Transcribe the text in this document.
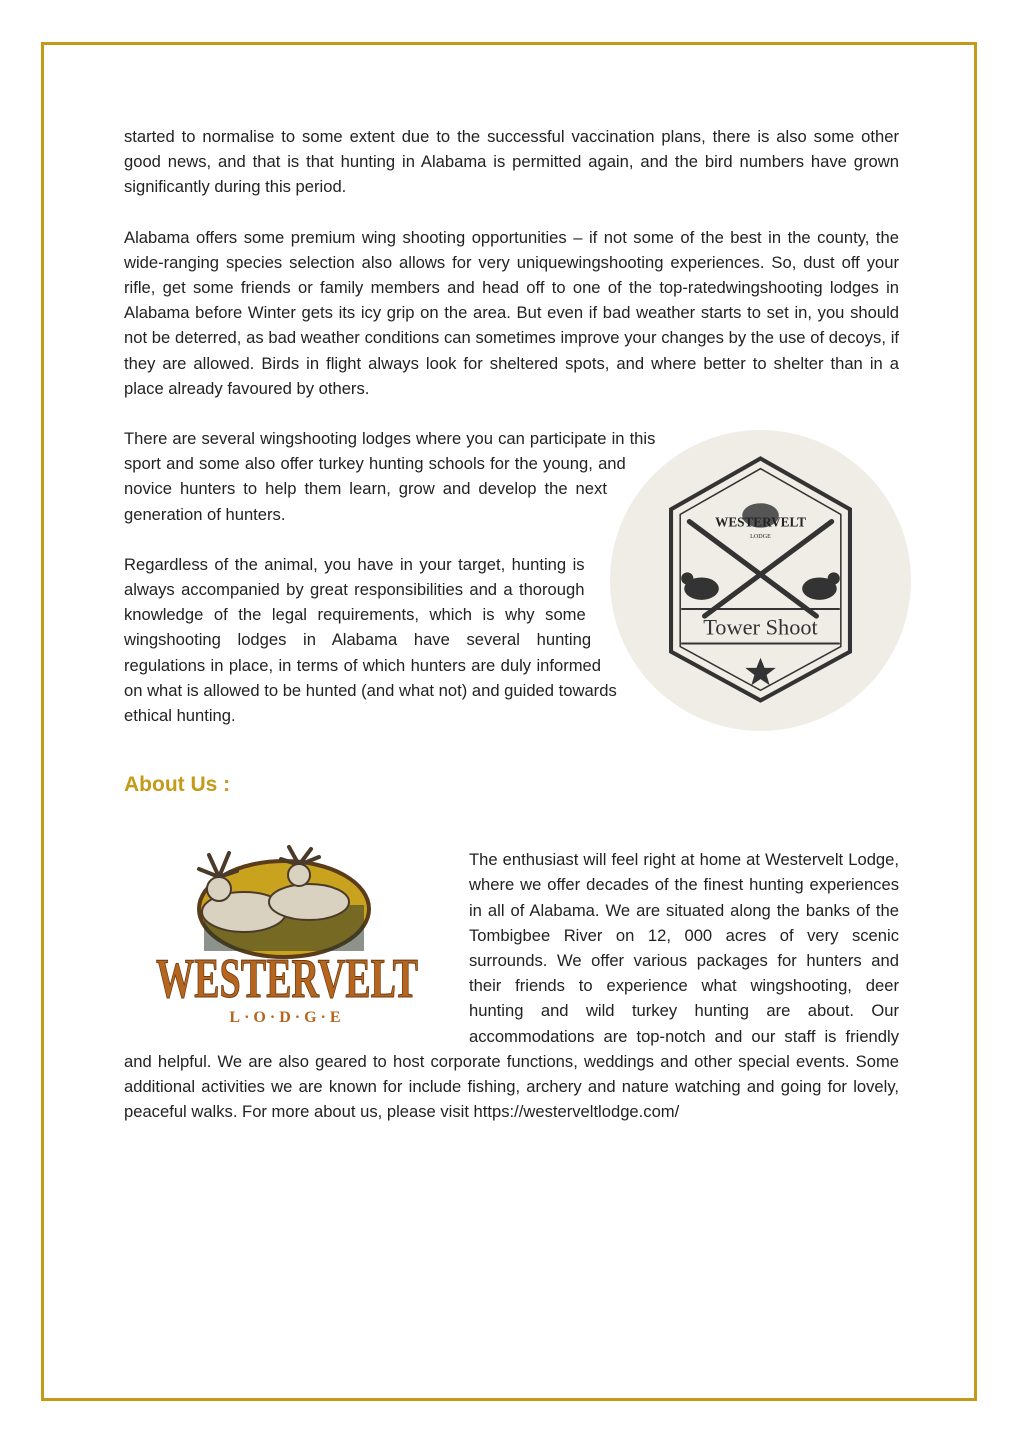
started to normalise to some extent due to the successful vaccination plans, there is also some other good news, and that is that hunting in Alabama is permitted again, and the bird numbers have grown significantly during this period.

Alabama offers some premium wing shooting opportunities – if not some of the best in the county, the wide-ranging species selection also allows for very uniquewingshooting experiences. So, dust off your rifle, get some friends or family members and head off to one of the top-ratedwingshooting lodges in Alabama before Winter gets its icy grip on the area. But even if bad weather starts to set in, you should not be deterred, as bad weather conditions can sometimes improve your changes by the use of decoys, if they are allowed. Birds in flight always look for sheltered spots, and where better to shelter than in a place already favoured by others.

WESTERVELT
LODGE
Tower Shoot

There are several wingshooting lodges where you can participate in this sport and some also offer turkey hunting schools for the young, and novice hunters to help them learn, grow and develop the next generation of hunters.

Regardless of the animal, you have in your target, hunting is always accompanied by great responsibilities and a thorough knowledge of the legal requirements, which is why some wingshooting lodges in Alabama have several hunting regulations in place, in terms of which hunters are duly informed on what is allowed to be hunted (and what not) and guided towards ethical hunting.

About Us :
WESTERVELT
L·O·D·G·E

The enthusiast will feel right at home at Westervelt Lodge, where we offer decades of the finest hunting experiences in all of Alabama. We are situated along the banks of the Tombigbee River on 12, 000 acres of very scenic surrounds. We offer various packages for hunters and their friends to experience what wingshooting, deer hunting and wild turkey hunting are about. Our accommodations are top-notch and our staff is friendly and helpful. We are also geared to host corporate functions, weddings and other special events. Some additional activities we are known for include fishing, archery and nature watching and going for lovely, peaceful walks. For more about us, please visit https://westerveltlodge.com/
